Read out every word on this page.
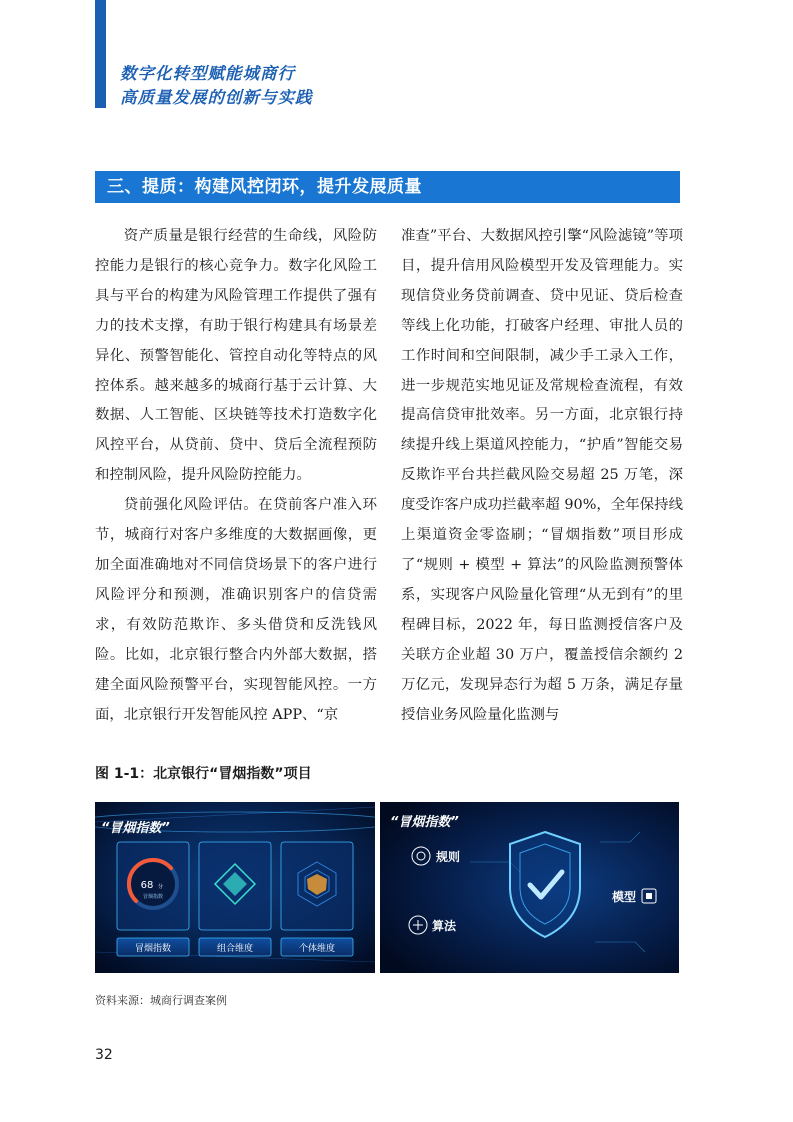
数字化转型赋能城商行
高质量发展的创新与实践
三、提质：构建风控闭环，提升发展质量

资产质量是银行经营的生命线，风险防控能力是银行的核心竞争力。数字化风险工具与平台的构建为风险管理工作提供了强有力的技术支撑，有助于银行构建具有场景差异化、预警智能化、管控自动化等特点的风控体系。越来越多的城商行基于云计算、大数据、人工智能、区块链等技术打造数字化风控平台，从贷前、贷中、贷后全流程预防和控制风险，提升风险防控能力。

贷前强化风险评估。在贷前客户准入环节，城商行对客户多维度的大数据画像，更加全面准确地对不同信贷场景下的客户进行风险评分和预测，准确识别客户的信贷需求，有效防范欺诈、多头借贷和反洗钱风险。比如，北京银行整合内外部大数据，搭建全面风险预警平台，实现智能风控。一方面，北京银行开发智能风控 APP、“京

准查”平台、大数据风控引擎“风险滤镜”等项目，提升信用风险模型开发及管理能力。实现信贷业务贷前调查、贷中见证、贷后检查等线上化功能，打破客户经理、审批人员的工作时间和空间限制，减少手工录入工作，进一步规范实地见证及常规检查流程，有效提高信贷审批效率。另一方面，北京银行持续提升线上渠道风控能力，“护盾”智能交易反欺诈平台共拦截风险交易超 25 万笔，深度受诈客户成功拦截率超 90%，全年保持线上渠道资金零盗刷；“冒烟指数”项目形成了“规则 + 模型 + 算法”的风险监测预警体系，实现客户风险量化管理“从无到有”的里程碑目标，2022 年，每日监测授信客户及关联方企业超 30 万户，覆盖授信余额约 2 万亿元，发现异态行为超 5 万条，满足存量授信业务风险量化监测与

图 1-1：北京银行“冒烟指数”项目
“冒烟指数”
68 分
冒烟指数
冒烟指数	组合维度	个体维度
“冒烟指数”
规则
模型
算法
资料来源：城商行调查案例
32
